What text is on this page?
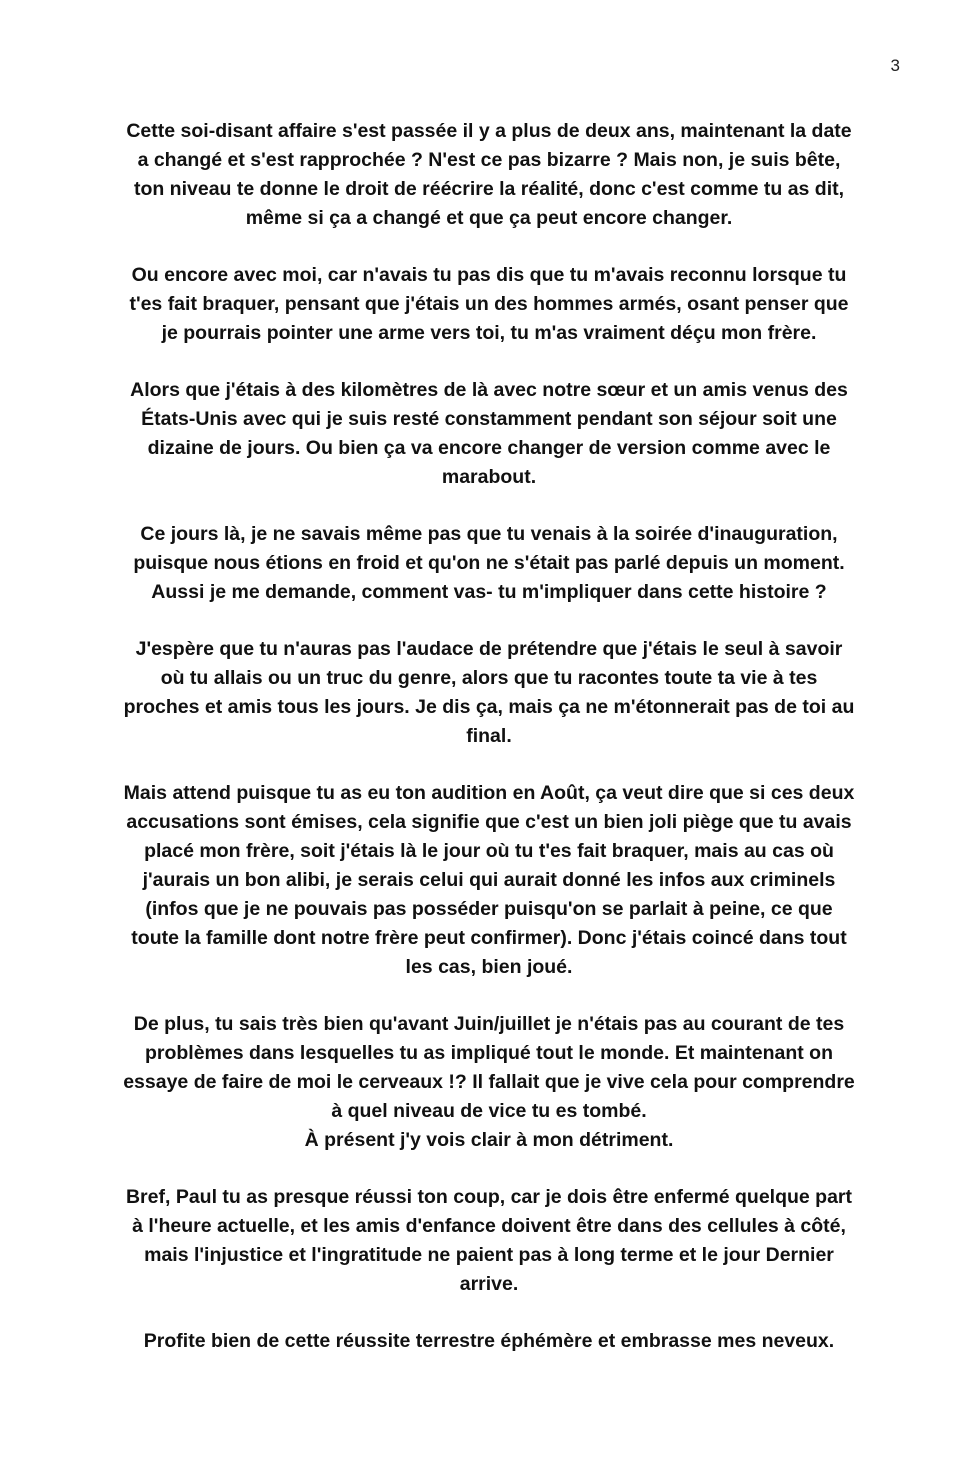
3

Cette soi-disant affaire s'est passée il y a plus de deux ans, maintenant la date
a changé et s'est rapprochée ? N'est ce pas bizarre ? Mais non, je suis bête,
ton niveau te donne le droit de réécrire la réalité, donc c'est comme tu as dit,
même si ça a changé et que ça peut encore changer.

Ou encore avec moi, car n'avais tu pas dis que tu m'avais reconnu lorsque tu
t'es fait braquer, pensant que j'étais un des hommes armés, osant penser que
je pourrais pointer une arme vers toi, tu m'as vraiment déçu mon frère.

Alors que j'étais à des kilomètres de là avec notre sœur et un amis venus des
États-Unis avec qui je suis resté constamment pendant son séjour soit une
dizaine de jours. Ou bien ça va encore changer de version comme avec le
marabout.

Ce jours là, je ne savais même pas que tu venais à la soirée d'inauguration,
puisque nous étions en froid et qu'on ne s'était pas parlé depuis un moment.
Aussi je me demande, comment vas- tu m'impliquer dans cette histoire ?

J'espère que tu n'auras pas l'audace de prétendre que j'étais le seul à savoir
où tu allais ou un truc du genre, alors que tu racontes toute ta vie à tes
proches et amis tous les jours. Je dis ça, mais ça ne m'étonnerait pas de toi au
final.

Mais attend puisque tu as eu ton audition en Août, ça veut dire que si ces deux
accusations sont émises, cela signifie que c'est un bien joli piège que tu avais
placé mon frère, soit j'étais là le jour où tu t'es fait braquer, mais au cas où
j'aurais un bon alibi, je serais celui qui aurait donné les infos aux criminels
(infos que je ne pouvais pas posséder puisqu'on se parlait à peine, ce que
toute la famille dont notre frère peut confirmer). Donc j'étais coincé dans tout
les cas, bien joué.

De plus, tu sais très bien qu'avant Juin/juillet je n'étais pas au courant de tes
problèmes dans lesquelles tu as impliqué tout le monde. Et maintenant on
essaye de faire de moi le cerveaux !? Il fallait que je vive cela pour comprendre
à quel niveau de vice tu es tombé.
À présent j'y vois clair à mon détriment.

Bref, Paul tu as presque réussi ton coup, car je dois être enfermé quelque part
à l'heure actuelle, et les amis d'enfance doivent être dans des cellules à côté,
mais l'injustice et l'ingratitude ne paient pas à long terme et le jour Dernier
arrive.

Profite bien de cette réussite terrestre éphémère et embrasse mes neveux.
